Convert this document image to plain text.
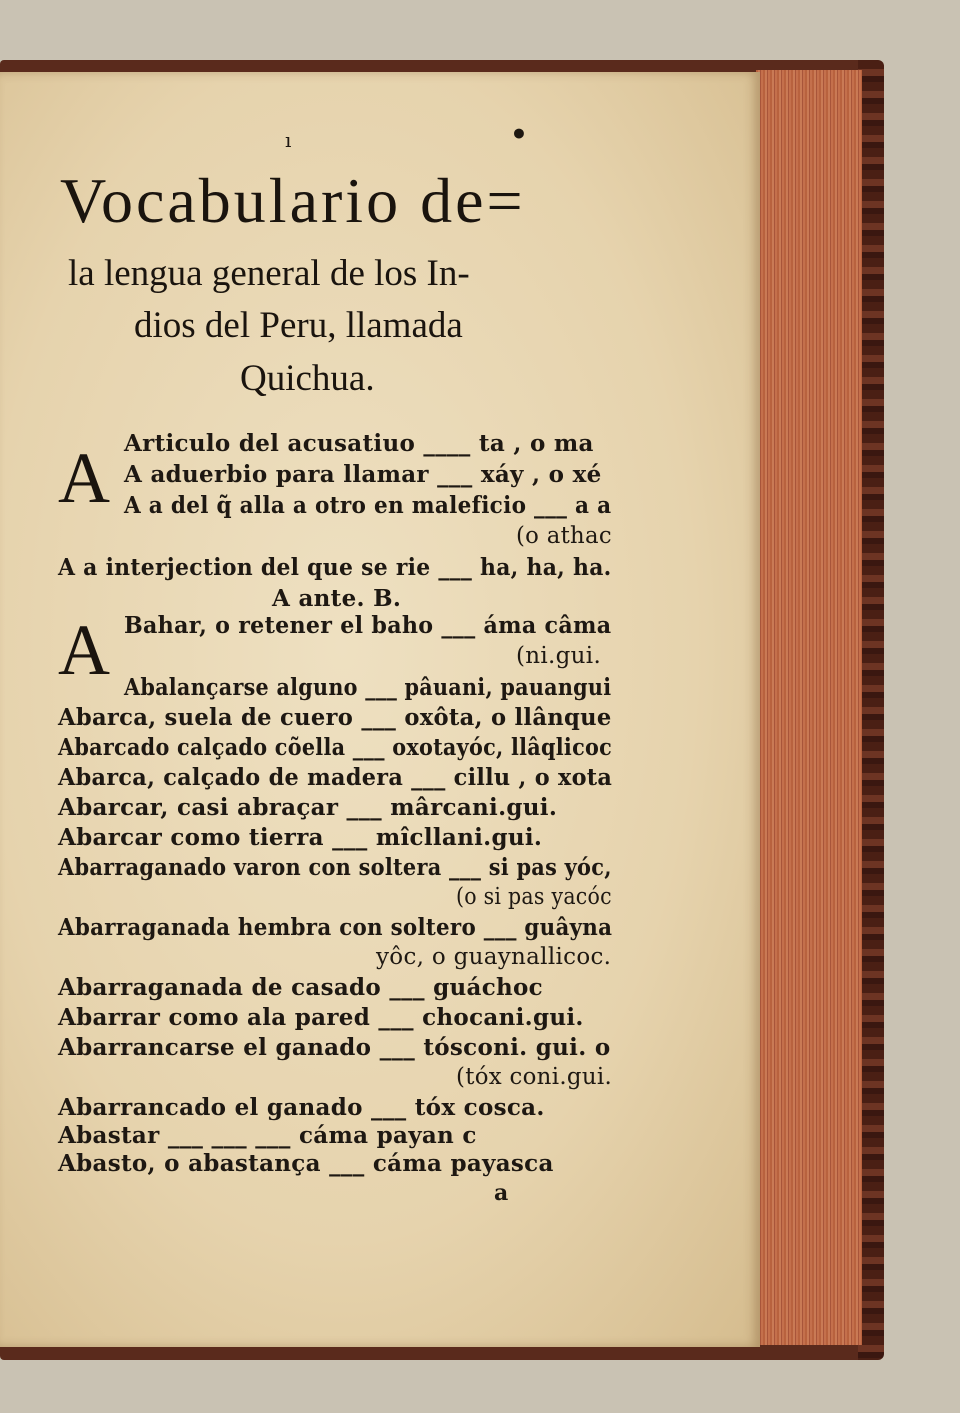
ı	•
Vocabulario de=
la lengua general de los In-
dios del Peru, llamada
Quichua.
A
A
Articulo del acusatiuo ____ ta , o ma
A aduerbio para llamar ___ xáy , o xé
A a del q̃ alla a otro en maleficio ___ a a
(o athac
A a interjection del que se rie ___ ha, ha, ha.
A ante. B.
Bahar, o retener el baho ___ áma câma
(ni.gui.
Abalançarse alguno ___ pâuani, pauangui
Abarca, suela de cuero ___ oxôta, o llânque
Abarcado calçado cõella ___ oxotayóc, llâqlicoc
Abarca, calçado de madera ___ cillu , o xota
Abarcar, casi abraçar ___ mârcani.gui.
Abarcar como tierra ___ mîcllani.gui.
Abarraganado varon con soltera ___ si pas yóc,
(o si pas yacóc
Abarraganada hembra con soltero ___ guâyna
yôc, o guaynallicoc.
Abarraganada de casado ___ guáchoc
Abarrar como ala pared ___ chocani.gui.
Abarrancarse el ganado ___ tósconi. gui. o
(tóx coni.gui.
Abarrancado el ganado ___ tóx cosca.
Abastar ___ ___ ___ cáma payan c
Abasto, o abastança ___ cáma payasca
a
